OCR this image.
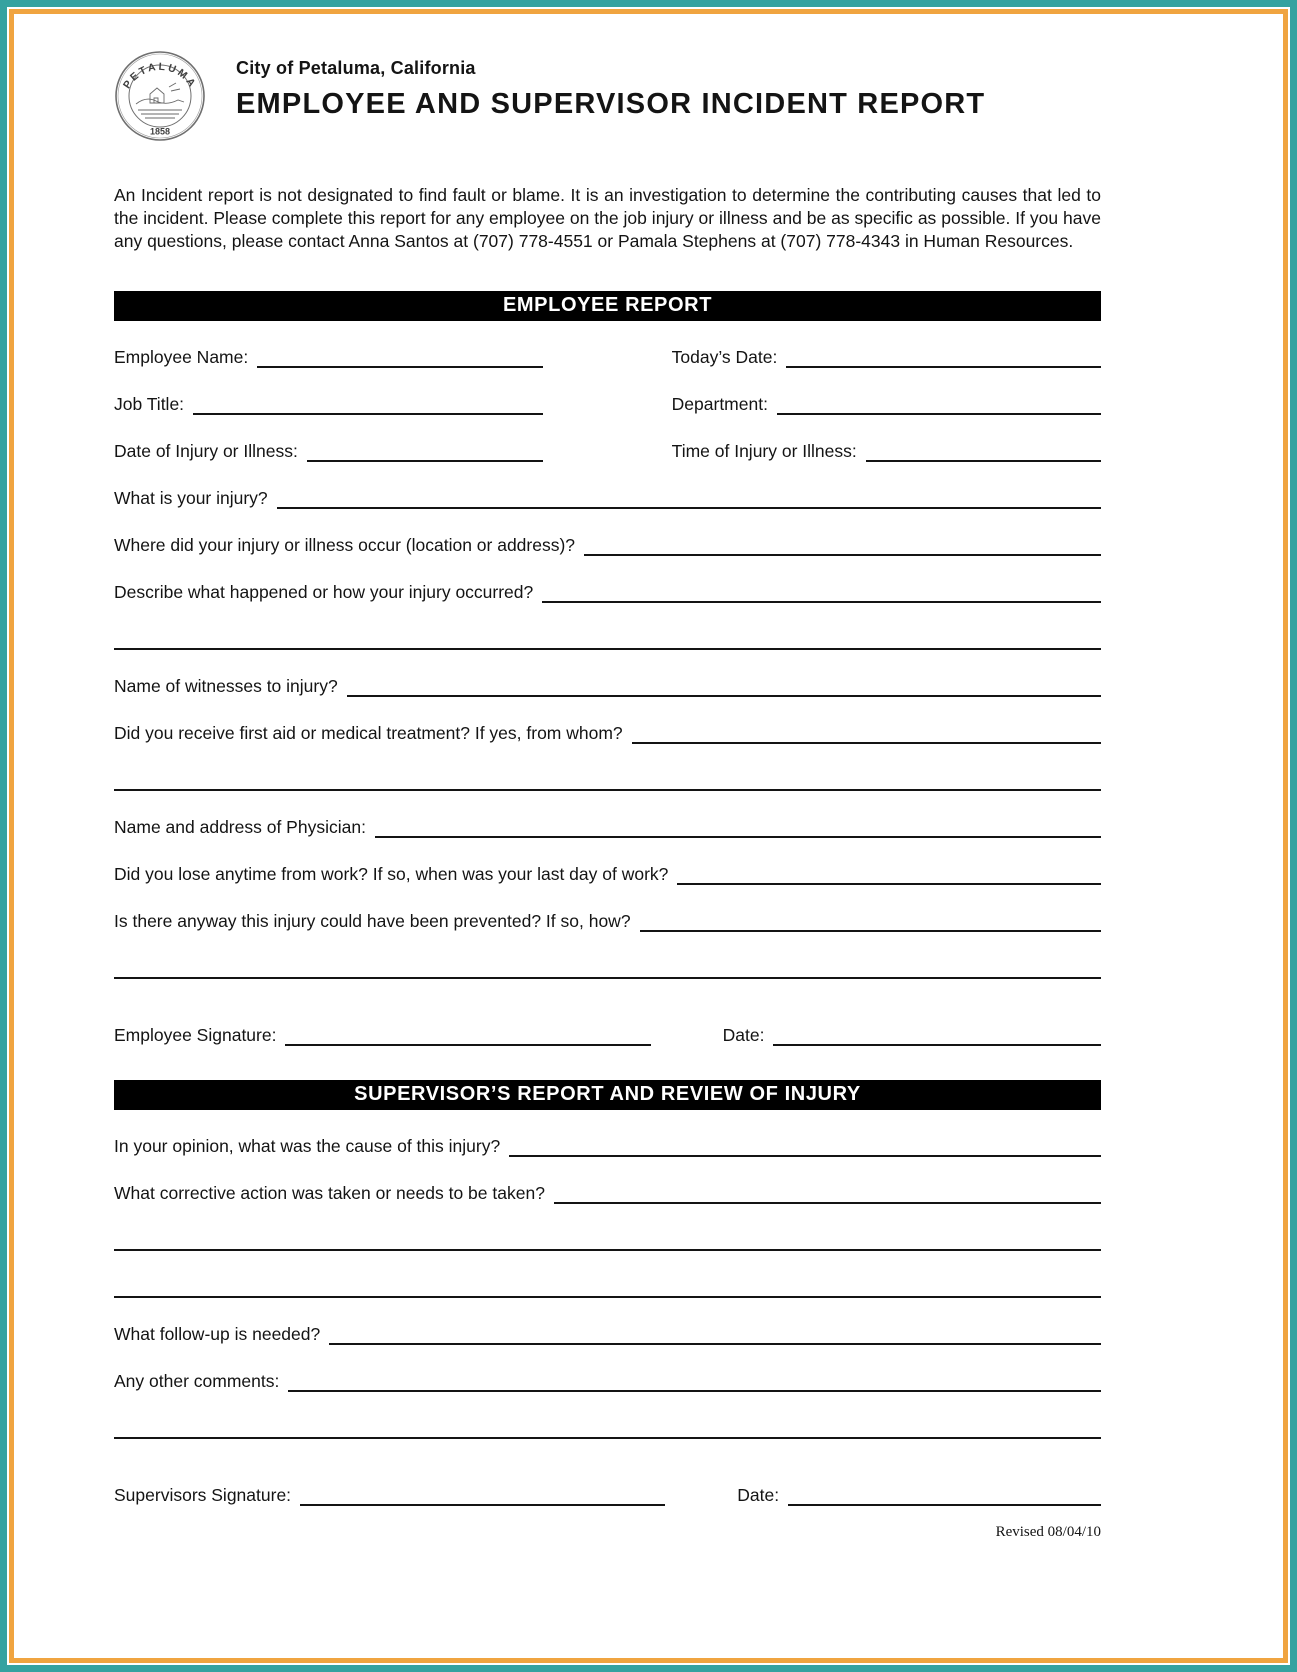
PETALUMA
1858
City of Petaluma, California
EMPLOYEE AND SUPERVISOR INCIDENT REPORT

An Incident report is not designated to find fault or blame. It is an investigation to determine the contributing causes that led to the incident. Please complete this report for any employee on the job injury or illness and be as specific as possible. If you have any questions, please contact Anna Santos at (707) 778-4551 or Pamala Stephens at (707) 778-4343 in Human Resources.

EMPLOYEE REPORT
Employee Name:	Today’s Date:
Job Title:	Department:
Date of Injury or Illness:	Time of Injury or Illness:
What is your injury?
Where did your injury or illness occur (location or address)?
Describe what happened or how your injury occurred?
Name of witnesses to injury?
Did you receive first aid or medical treatment? If yes, from whom?
Name and address of Physician:
Did you lose anytime from work? If so, when was your last day of work?
Is there anyway this injury could have been prevented? If so, how?
Employee Signature:	Date:
SUPERVISOR’S REPORT AND REVIEW OF INJURY
In your opinion, what was the cause of this injury?
What corrective action was taken or needs to be taken?
What follow-up is needed?
Any other comments:
Supervisors Signature:	Date:
Revised 08/04/10
